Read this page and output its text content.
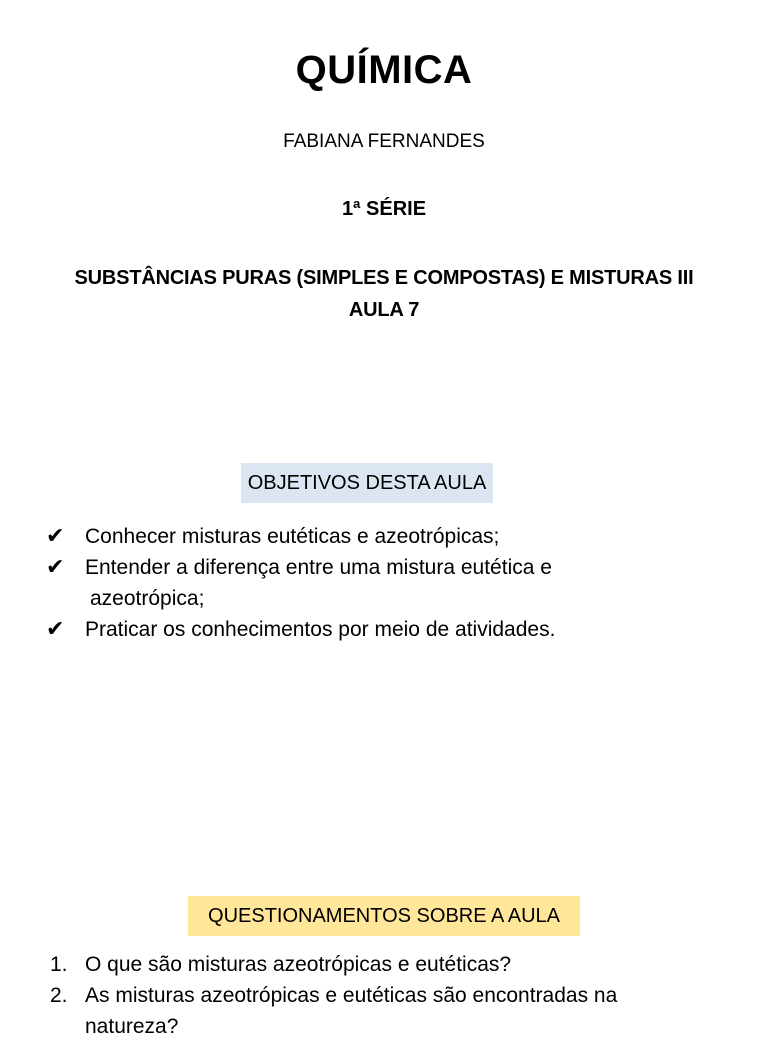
QUÍMICA
FABIANA FERNANDES
1ª SÉRIE
SUBSTÂNCIAS PURAS (SIMPLES E COMPOSTAS) E MISTURAS III
AULA 7
OBJETIVOS DESTA AULA
✔ Conhecer misturas eutéticas e azeotrópicas;
✔ Entender a diferença entre uma mistura eutética e
azeotrópica;
✔ Praticar os conhecimentos por meio de atividades.
QUESTIONAMENTOS SOBRE A AULA
1. O que são misturas azeotrópicas e eutéticas?
2. As misturas azeotrópicas e eutéticas são encontradas na
natureza?
